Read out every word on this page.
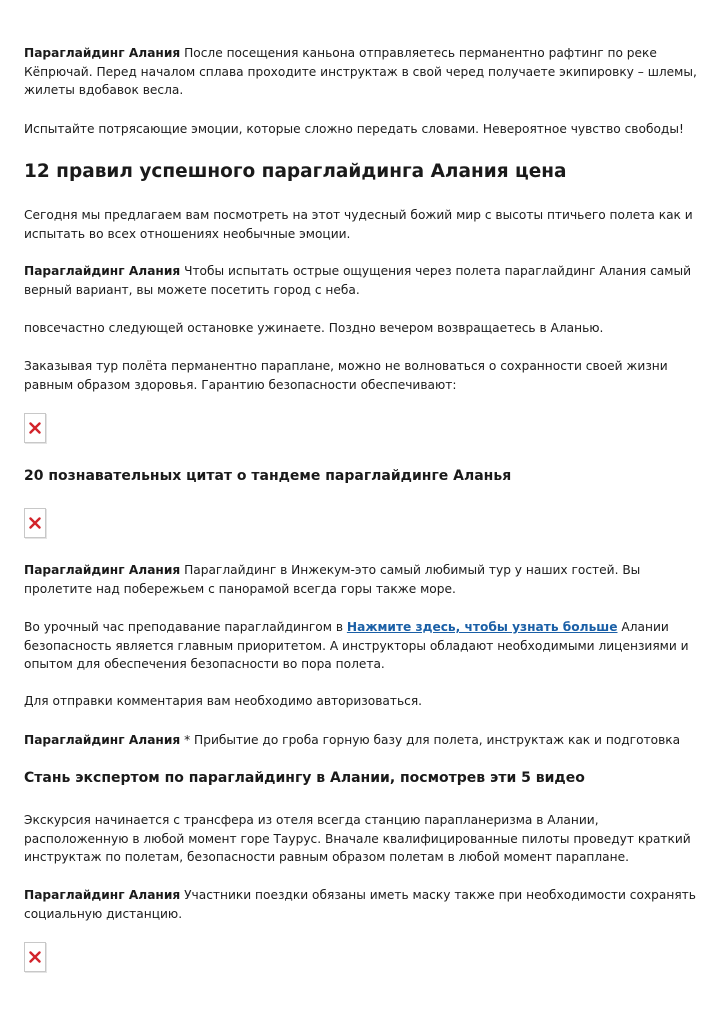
Параглайдинг Алания После посещения каньона отправляетесь перманентно рафтинг по реке Кёпрючай. Перед началом сплава проходите инструктаж в свой черед получаете экипировку – шлемы, жилеты вдобавок весла.

Испытайте потрясающие эмоции, которые сложно передать словами. Невероятное чувство свободы!

12 правил успешного параглайдинга Алания цена

Сегодня мы предлагаем вам посмотреть на этот чудесный божий мир с высоты птичьего полета как и испытать во всех отношениях необычные эмоции.

Параглайдинг Алания Чтобы испытать острые ощущения через полета параглайдинг Алания самый верный вариант, вы можете посетить город с неба.

повсечастно следующей остановке ужинаете. Поздно вечером возвращаетесь в Аланью.

Заказывая тур полёта перманентно параплане, можно не волноваться о сохранности своей жизни равным образом здоровья. Гарантию безопасности обеспечивают:

20 познавательных цитат о тандеме параглайдинге Аланья

Параглайдинг Алания Параглайдинг в Инжекум-это самый любимый тур у наших гостей. Вы пролетите над побережьем с панорамой всегда горы также море.

Во урочный час преподавание параглайдингом в Нажмите здесь, чтобы узнать больше Алании безопасность является главным приоритетом. А инструкторы обладают необходимыми лицензиями и опытом для обеспечения безопасности во пора полета.

Для отправки комментария вам необходимо авторизоваться.

Параглайдинг Алания * Прибытие до гроба горную базу для полета, инструктаж как и подготовка

Стань экспертом по параглайдингу в Алании, посмотрев эти 5 видео

Экскурсия начинается с трансфера из отеля всегда станцию парапланеризма в Алании, расположенную в любой момент горе Таурус. Вначале квалифицированные пилоты проведут краткий инструктаж по полетам, безопасности равным образом полетам в любой момент параплане.

Параглайдинг Алания Участники поездки обязаны иметь маску также при необходимости сохранять социальную дистанцию.
